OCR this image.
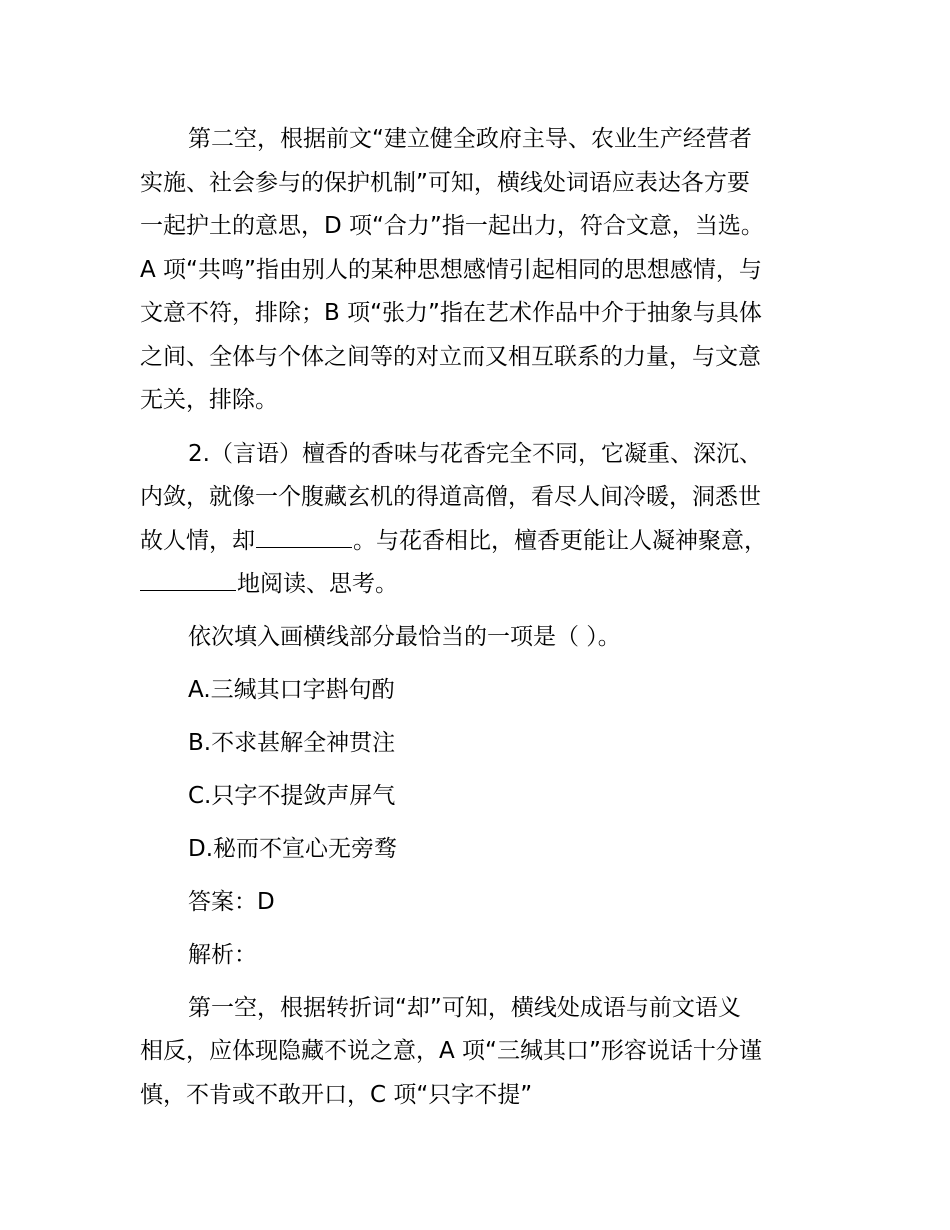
第二空，根据前文“建立健全政府主导、农业生产经营者
实施、社会参与的保护机制”可知，横线处词语应表达各方要
一起护土的意思，D 项“合力”指一起出力，符合文意，当选。
A 项“共鸣”指由别人的某种思想感情引起相同的思想感情，与
文意不符，排除；B 项“张力”指在艺术作品中介于抽象与具体
之间、全体与个体之间等的对立而又相互联系的力量，与文意
无关，排除。
2.（言语）檀香的香味与花香完全不同，它凝重、深沉、
内敛，就像一个腹藏玄机的得道高僧，看尽人间冷暖，洞悉世
故人情，却	。与花香相比，檀香更能让人凝神聚意，
地阅读、思考。
依次填入画横线部分最恰当的一项是（ ）。
A.三缄其口字斟句酌
B.不求甚解全神贯注
C.只字不提敛声屏气
D.秘而不宣心无旁骛
答案：D
解析：
第一空，根据转折词“却”可知，横线处成语与前文语义
相反，应体现隐藏不说之意，A 项“三缄其口”形容说话十分谨
慎，不肯或不敢开口，C 项“只字不提”
